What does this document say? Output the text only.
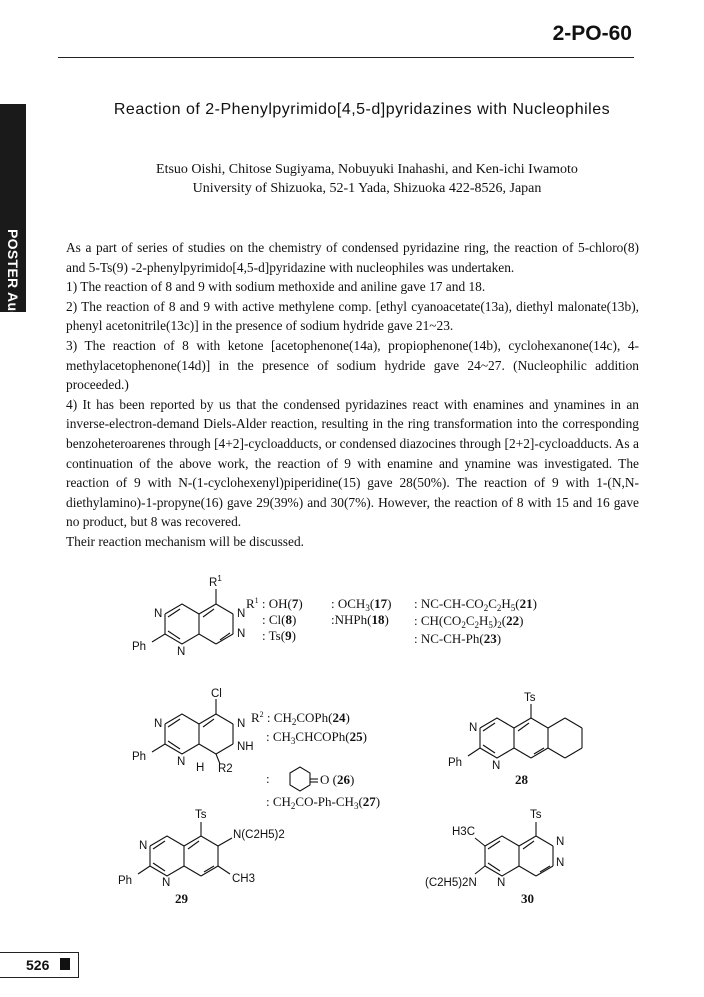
2-PO-60
POSTER August 2 (Thu)
Reaction of 2-Phenylpyrimido[4,5-d]pyridazines with Nucleophiles
Etsuo Oishi, Chitose Sugiyama, Nobuyuki Inahashi, and Ken-ichi Iwamoto
University of Shizuoka, 52-1 Yada, Shizuoka 422-8526, Japan

As a part of series of studies on the chemistry of condensed pyridazine ring, the reaction of 5-chloro(8) and 5-Ts(9) -2-phenylpyrimido[4,5-d]pyridazine with nucleophiles was undertaken.

1) The reaction of 8 and 9 with sodium methoxide and aniline gave 17 and 18.

2) The reaction of 8 and 9 with active methylene comp. [ethyl cyanoacetate(13a), diethyl malonate(13b), phenyl acetonitrile(13c)] in the presence of sodium hydride gave 21~23.

3) The reaction of 8 with ketone [acetophenone(14a), propiophenone(14b), cyclohexanone(14c), 4-methylacetophenone(14d)] in the presence of sodium hydride gave 24~27. (Nucleophilic addition proceeded.)

4) It has been reported by us that the condensed pyridazines react with enamines and ynamines in an inverse-electron-demand Diels-Alder reaction, resulting in the ring transformation into the corresponding benzoheteroarenes through [4+2]-cycloadducts, or condensed diazocines through [2+2]-cycloadducts. As a continuation of the above work, the reaction of 9 with enamine and ynamine was investigated. The reaction of 9 with N-(1-cyclohexenyl)piperidine(15) gave 28(50%). The reaction of 9 with 1-(N,N-diethylamino)-1-propyne(16) gave 29(39%) and 30(7%). However, the reaction of 8 with 15 and 16 gave no product, but 8 was recovered.

Their reaction mechanism will be discussed.

$R^1$
N	N
N
N
Ph
$R^1$ : OH(7)
: Cl(8)
: Ts(9)
: $OCH_3(17)$
:NHPh(18)
: $NC-CH-CO_2C_2H_5(21)$
: $CH(CO_2C_2H_5)_2(22)$
: NC-CH-Ph(23)
Cl
N	N
NH
N H R2
Ph
$R^2$ : $CH_2COPh(24)$
: $CH_3CHCOPh(25)$
:	O (26)
: $CH_2CO-Ph-CH_3(27)$
Ts
N
N
Ph
28
Ts
N
N
Ph
N(C2H5)2
CH3
29
Ts
H3C
(C2H5)2N N
N
N
30
526
